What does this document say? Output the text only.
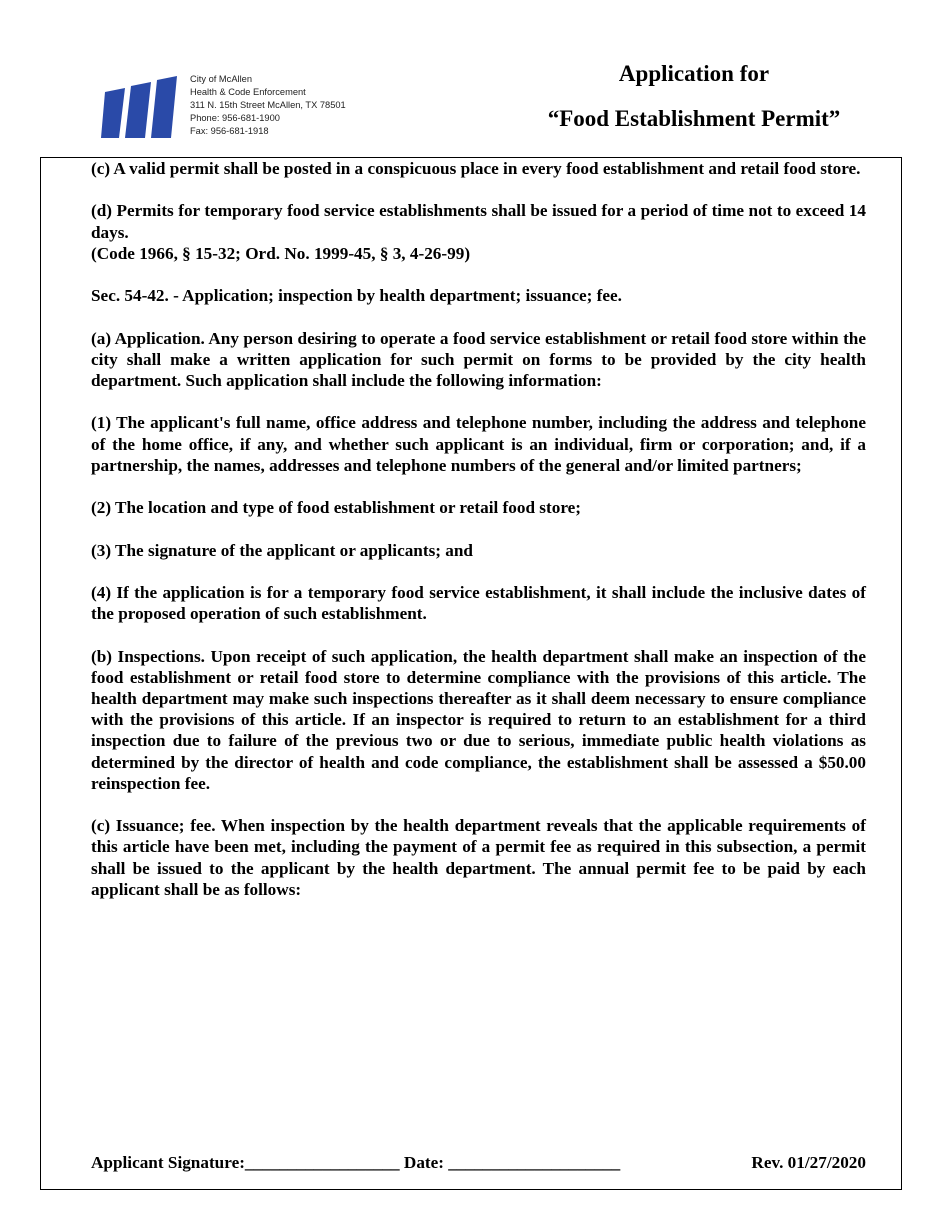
City of McAllen
Health & Code Enforcement
311 N. 15th Street McAllen, TX 78501
Phone: 956-681-1900
Fax: 956-681-1918
Application for
“Food Establishment Permit”

(c) A valid permit shall be posted in a conspicuous place in every food establishment and retail food store.

(d) Permits for temporary food service establishments shall be issued for a period of time not to exceed 14 days.

(Code 1966, § 15-32; Ord. No. 1999-45, § 3, 4-26-99)

Sec. 54-42. - Application; inspection by health department; issuance; fee.

(a) Application. Any person desiring to operate a food service establishment or retail food store within the city shall make a written application for such permit on forms to be provided by the city health department. Such application shall include the following information:

(1) The applicant's full name, office address and telephone number, including the address and telephone of the home office, if any, and whether such applicant is an individual, firm or corporation; and, if a partnership, the names, addresses and telephone numbers of the general and/or limited partners;

(2) The location and type of food establishment or retail food store;

(3) The signature of the applicant or applicants; and

(4) If the application is for a temporary food service establishment, it shall include the inclusive dates of the proposed operation of such establishment.

(b) Inspections. Upon receipt of such application, the health department shall make an inspection of the food establishment or retail food store to determine compliance with the provisions of this article. The health department may make such inspections thereafter as it shall deem necessary to ensure compliance with the provisions of this article. If an inspector is required to return to an establishment for a third inspection due to failure of the previous two or due to serious, immediate public health violations as determined by the director of health and code compliance, the establishment shall be assessed a $50.00 reinspection fee.

(c) Issuance; fee. When inspection by the health department reveals that the applicable requirements of this article have been met, including the payment of a permit fee as required in this subsection, a permit shall be issued to the applicant by the health department. The annual permit fee to be paid by each applicant shall be as follows:

Applicant Signature:__________________ Date: ____________________	Rev. 01/27/2020
